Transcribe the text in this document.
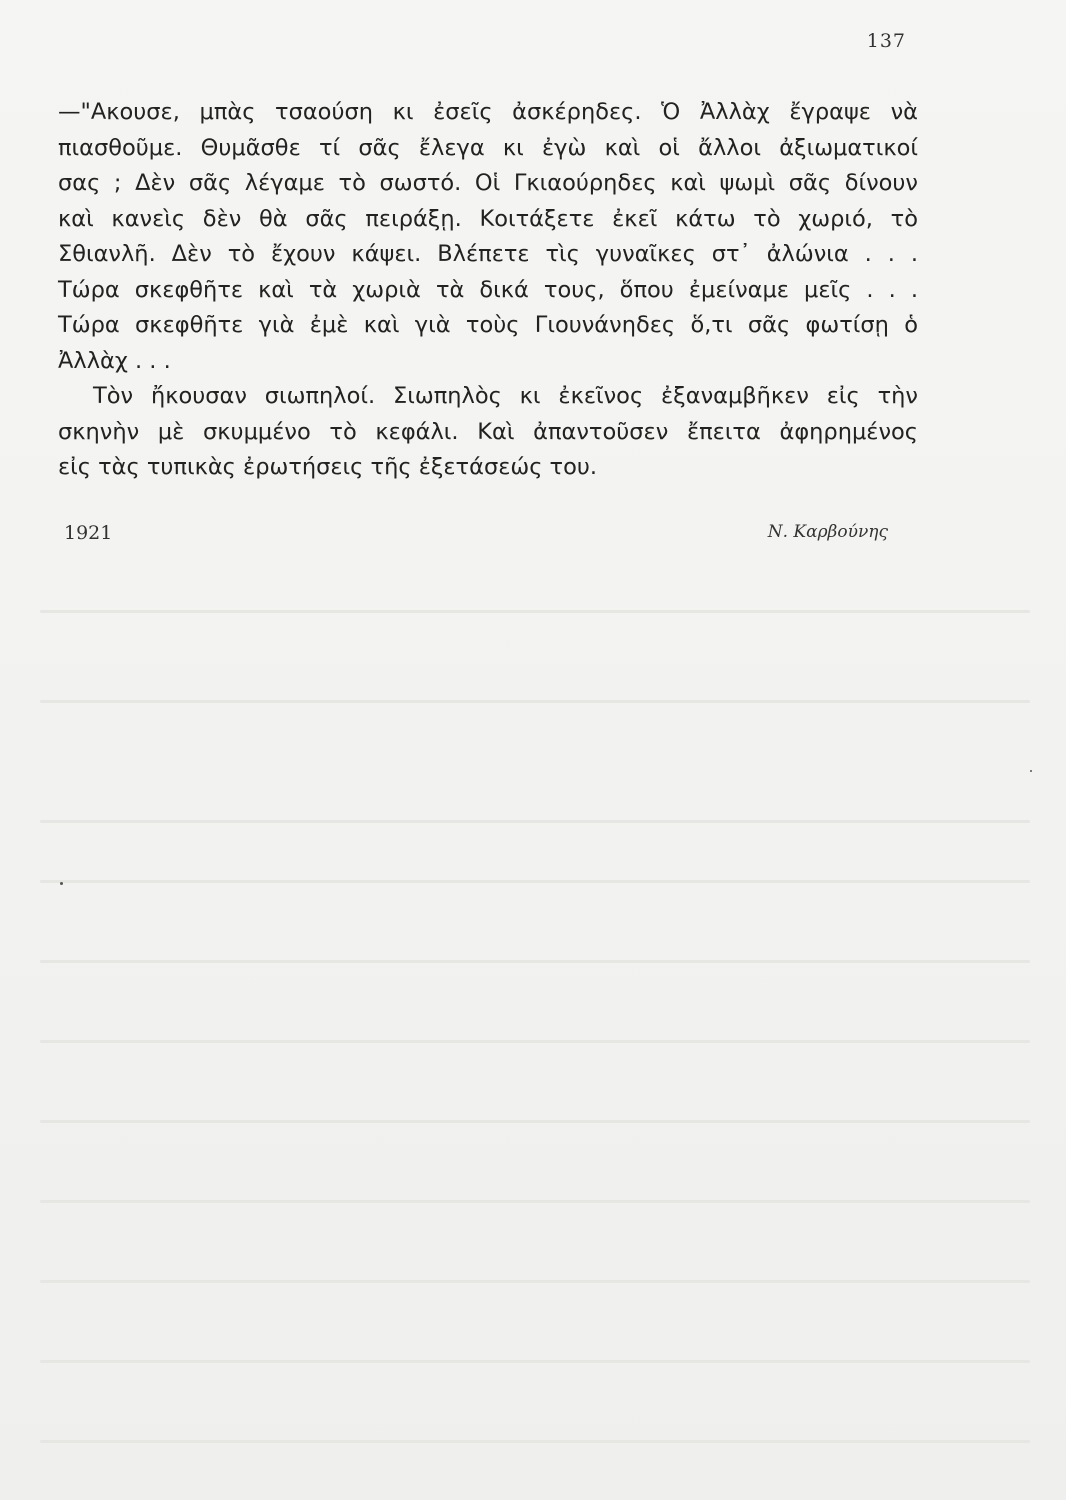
137
—"Ακουσε, μπὰς τσαούση κι ἐσεῖς ἀσκέρηδες. Ὁ Ἀλλὰχ ἔγραψε νὰ
πιασθοῦμε. Θυμᾶσθε τί σᾶς ἔλεγα κι ἐγὼ καὶ οἱ ἄλλοι ἀξιωματικοί
σας ; Δὲν σᾶς λέγαμε τὸ σωστό. Οἱ Γκιαούρηδες καὶ ψωμὶ σᾶς δίνουν
καὶ κανεὶς δὲν θὰ σᾶς πειράξῃ. Κοιτάξετε ἐκεῖ κάτω τὸ χωριό, τὸ
Σθιανλῆ. Δὲν τὸ ἔχουν κάψει. Βλέπετε τὶς γυναῖκες στ᾿ ἀλώνια . . .
Τώρα σκεφθῆτε καὶ τὰ χωριὰ τὰ δικά τους, ὅπου ἐμείναμε μεῖς . . .
Τώρα σκεφθῆτε γιὰ ἐμὲ καὶ γιὰ τοὺς Γιουνάνηδες ὅ,τι σᾶς φωτίσῃ ὁ
Ἀλλὰχ . . .
Τὸν ἤκουσαν σιωπηλοί. Σιωπηλὸς κι ἐκεῖνος ἐξαναμβῆκεν εἰς τὴν
σκηνὴν μὲ σκυμμένο τὸ κεφάλι. Καὶ ἀπαντοῦσεν ἔπειτα ἀφηρημένος
εἰς τὰς τυπικὰς ἐρωτήσεις τῆς ἐξετάσεώς του.
1921	Ν. Καρβούνης
